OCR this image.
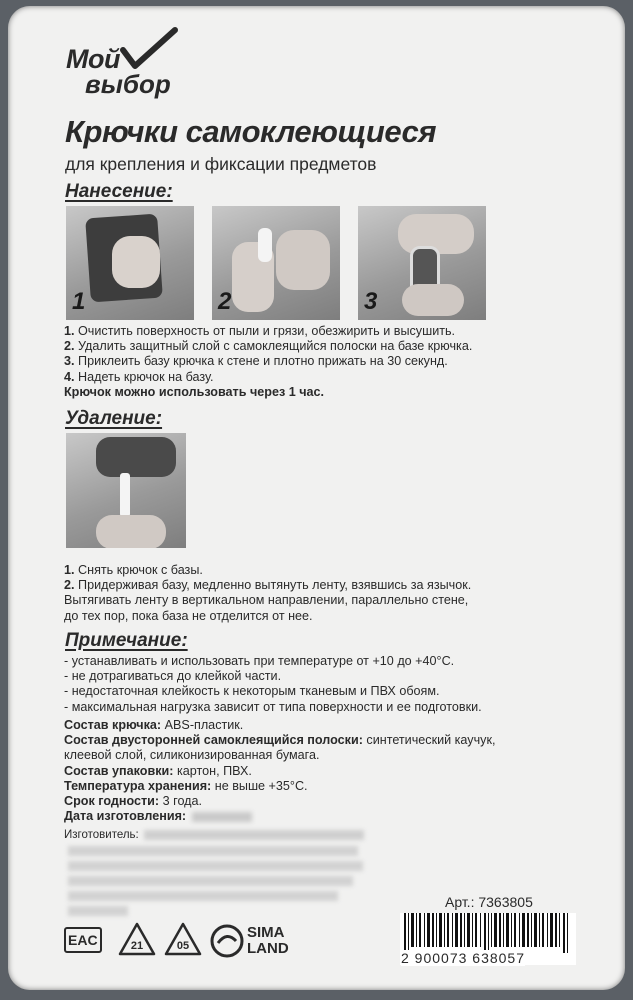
Мой
выбор
Крючки самоклеющиеся
для крепления и фиксации предметов
Нанесение:
1	2	3
1. Очистить поверхность от пыли и грязи, обезжирить и высушить.
2. Удалить защитный слой с самоклеящийся полоски на базе крючка.
3. Приклеить базу крючка к стене и плотно прижать на 30 секунд.
4. Надеть крючок на базу.
Крючок можно использовать через 1 час.
Удаление:
1. Снять крючок с базы.
2. Придерживая базу, медленно вытянуть ленту, взявшись за язычок.
Вытягивать ленту в вертикальном направлении, параллельно стене,
до тех пор, пока база не отделится от нее.
Примечание:
- устанавливать и использовать при температуре от +10 до +40°С.
- не дотрагиваться до клейкой части.
- недостаточная клейкость к некоторым тканевым и ПВХ обоям.
- максимальная нагрузка зависит от типа поверхности и ее подготовки.
Состав крючка: ABS-пластик.
Состав двусторонней самоклеящийся полоски: синтетический каучук,
клеевой слой, силиконизированная бумага.
Состав упаковки: картон, ПВХ.
Температура хранения: не выше +35°С.
Срок годности: 3 года.
Дата изготовления:
Изготовитель:
EAC	21	05
SIMA
LAND
Арт.: 7363805
2 900073 638057
